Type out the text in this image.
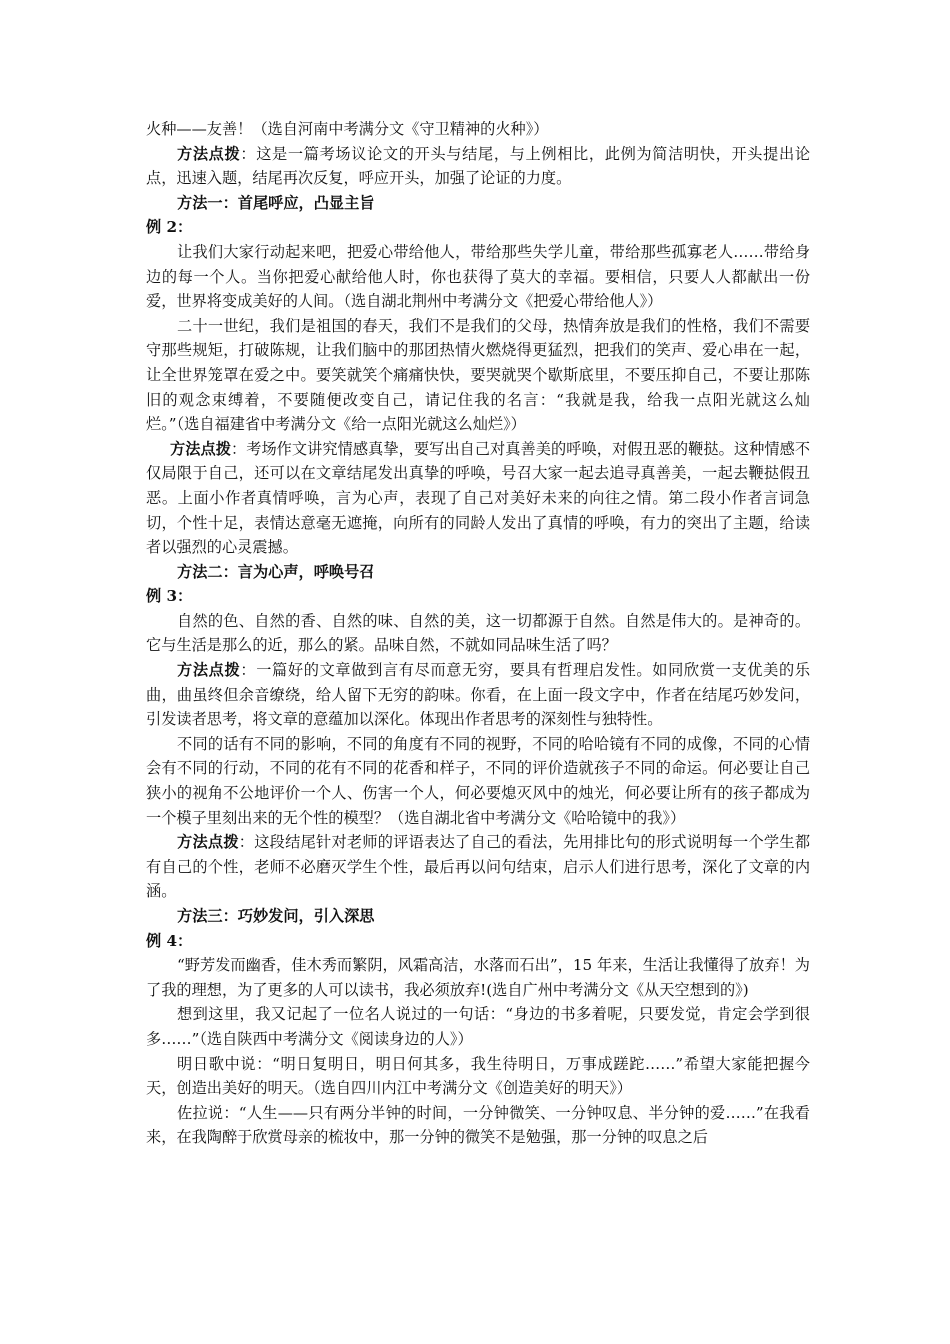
火种——友善！（选自河南中考满分文《守卫精神的火种》）

方法点拨：这是一篇考场议论文的开头与结尾，与上例相比，此例为简洁明快，开头提出论点，迅速入题，结尾再次反复，呼应开头，加强了论证的力度。

方法一：首尾呼应，凸显主旨

例 2：

让我们大家行动起来吧，把爱心带给他人，带给那些失学儿童，带给那些孤寡老人……带给身边的每一个人。当你把爱心献给他人时，你也获得了莫大的幸福。要相信，只要人人都献出一份爱，世界将变成美好的人间。（选自湖北荆州中考满分文《把爱心带给他人》）

二十一世纪，我们是祖国的春天，我们不是我们的父母，热情奔放是我们的性格，我们不需要守那些规矩，打破陈规，让我们脑中的那团热情火燃烧得更猛烈，把我们的笑声、爱心串在一起，让全世界笼罩在爱之中。要笑就笑个痛痛快快，要哭就哭个歇斯底里，不要压抑自己，不要让那陈旧的观念束缚着，不要随便改变自己，请记住我的名言：“我就是我，给我一点阳光就这么灿烂。”（选自福建省中考满分文《给一点阳光就这么灿烂》）

方法点拨：考场作文讲究情感真挚，要写出自己对真善美的呼唤，对假丑恶的鞭挞。这种情感不仅局限于自己，还可以在文章结尾发出真挚的呼唤，号召大家一起去追寻真善美，一起去鞭挞假丑恶。上面小作者真情呼唤，言为心声，表现了自己对美好未来的向往之情。第二段小作者言词急切，个性十足，表情达意毫无遮掩，向所有的同龄人发出了真情的呼唤，有力的突出了主题，给读者以强烈的心灵震撼。

方法二：言为心声，呼唤号召

例 3：

自然的色、自然的香、自然的味、自然的美，这一切都源于自然。自然是伟大的。是神奇的。它与生活是那么的近，那么的紧。品味自然，不就如同品味生活了吗？

方法点拨：一篇好的文章做到言有尽而意无穷，要具有哲理启发性。如同欣赏一支优美的乐曲，曲虽终但余音缭绕，给人留下无穷的韵味。你看，在上面一段文字中，作者在结尾巧妙发问，引发读者思考，将文章的意蕴加以深化。体现出作者思考的深刻性与独特性。

不同的话有不同的影响，不同的角度有不同的视野，不同的哈哈镜有不同的成像，不同的心情会有不同的行动，不同的花有不同的花香和样子，不同的评价造就孩子不同的命运。何必要让自己狭小的视角不公地评价一个人、伤害一个人，何必要熄灭风中的烛光，何必要让所有的孩子都成为一个模子里刻出来的无个性的模型？（选自湖北省中考满分文《哈哈镜中的我》）

方法点拨：这段结尾针对老师的评语表达了自己的看法，先用排比句的形式说明每一个学生都有自己的个性，老师不必磨灭学生个性，最后再以问句结束，启示人们进行思考，深化了文章的内涵。

方法三：巧妙发问，引入深思

例 4：

“野芳发而幽香，佳木秀而繁阴，风霜高洁，水落而石出”，15 年来，生活让我懂得了放弃！为了我的理想，为了更多的人可以读书，我必须放弃!(选自广州中考满分文《从天空想到的》)

想到这里，我又记起了一位名人说过的一句话：“身边的书多着呢，只要发觉，肯定会学到很多……”（选自陕西中考满分文《阅读身边的人》）

明日歌中说：“明日复明日，明日何其多，我生待明日，万事成蹉跎……”希望大家能把握今天，创造出美好的明天。（选自四川内江中考满分文《创造美好的明天》）

佐拉说：“人生——只有两分半钟的时间，一分钟微笑、一分钟叹息、半分钟的爱……”在我看来，在我陶醉于欣赏母亲的梳妆中，那一分钟的微笑不是勉强，那一分钟的叹息之后
